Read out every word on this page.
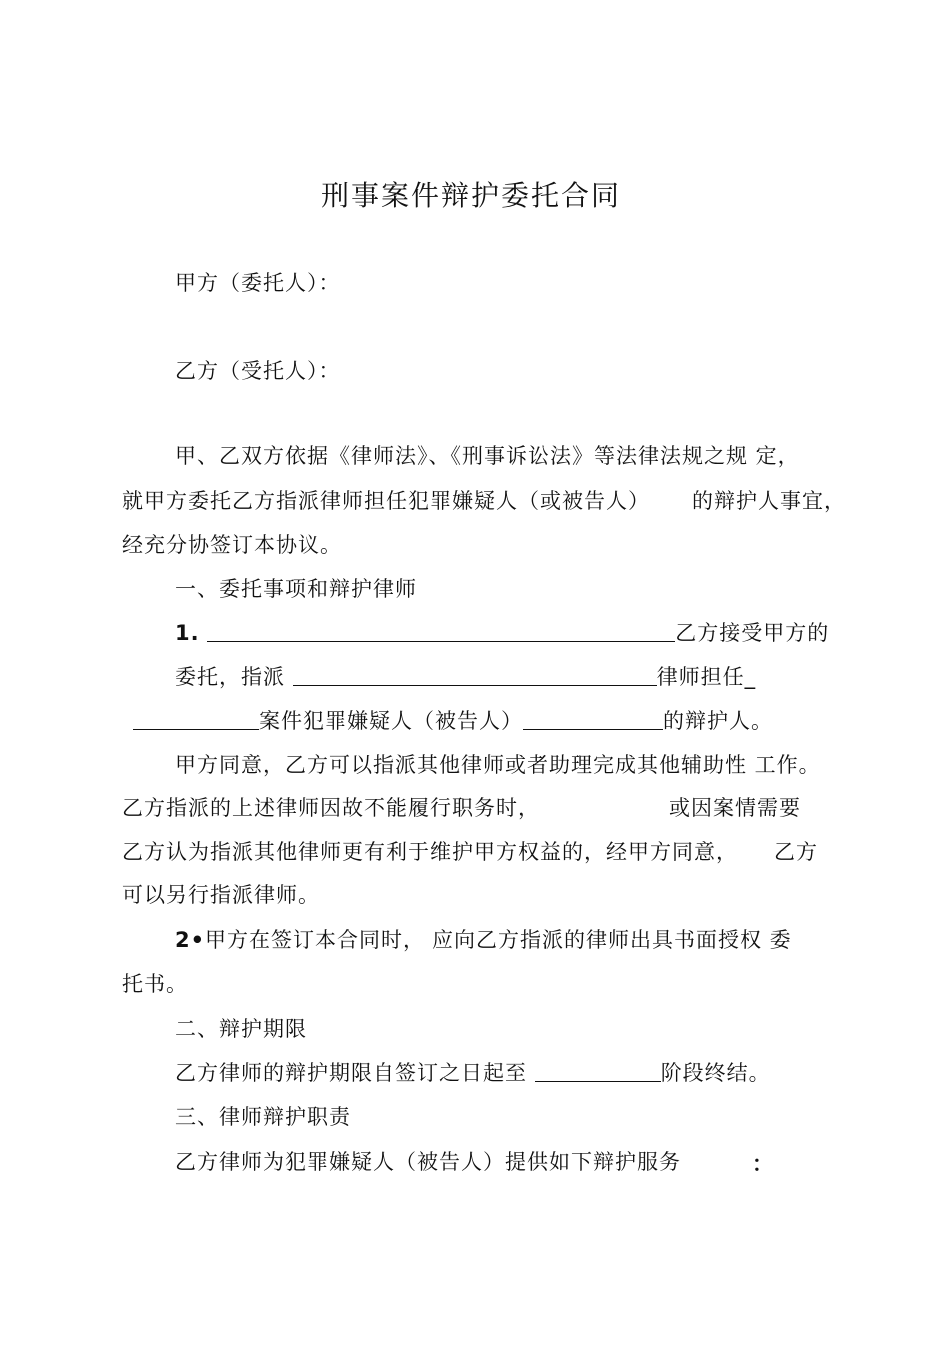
刑事案件辩护委托合同
甲方（委托人）：
乙方（受托人）：
甲、乙双方依据《律师法》、《刑事诉讼法》等法律法规之规 定，
就甲方委托乙方指派律师担任犯罪嫌疑人（或被告人） 的辩护人事宜，
经充分协签订本协议。
一、委托事项和辩护律师
1.	乙方接受甲方的
委托，指派	律师担任_
案件犯罪嫌疑人（被告人）	的辩护人。
甲方同意，乙方可以指派其他律师或者助理完成其他辅助性 工作。
乙方指派的上述律师因故不能履行职务时，	或因案情需要
乙方认为指派其他律师更有利于维护甲方权益的，经甲方同意， 乙方
可以另行指派律师。
2•甲方在签订本合同时， 应向乙方指派的律师出具书面授权 委
托书。
二、辩护期限
乙方律师的辩护期限自签订之日起至	阶段终结。
三、律师辩护职责
乙方律师为犯罪嫌疑人（被告人）提供如下辩护服务	：
